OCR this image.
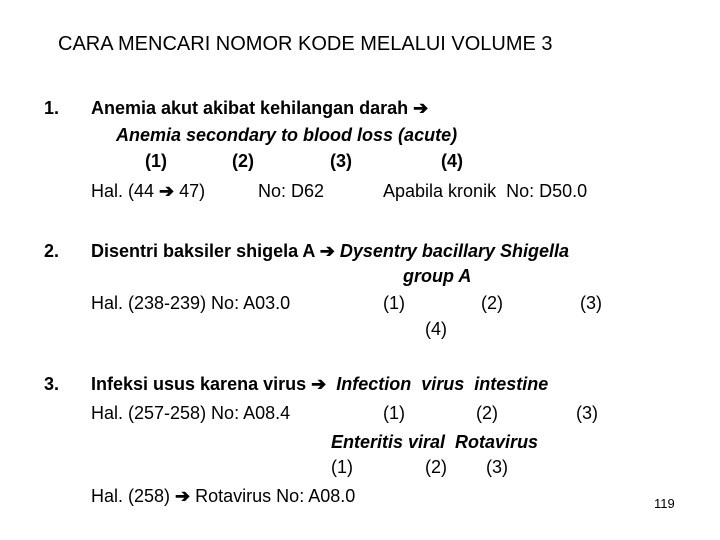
CARA MENCARI NOMOR KODE MELALUI VOLUME 3
1. Anemia akut akibat kehilangan darah ➔
Anemia secondary to blood loss (acute)
(1)	(2)	(3)	(4)
Hal. (44 ➔ 47)	No: D62	Apabila kronik  No: D50.0
2. Disentri baksiler shigela A ➔ Dysentry bacillary Shigella
group A
Hal. (238-239) No: A03.0	(1)	(2)	(3)
(4)
3. Infeksi usus karena virus ➔ Infection  virus  intestine
Hal. (257-258) No: A08.4	(1)	(2)	(3)
Enteritis viral  Rotavirus
(1)	(2) (3)
Hal. (258) ➔ Rotavirus No: A08.0	119
